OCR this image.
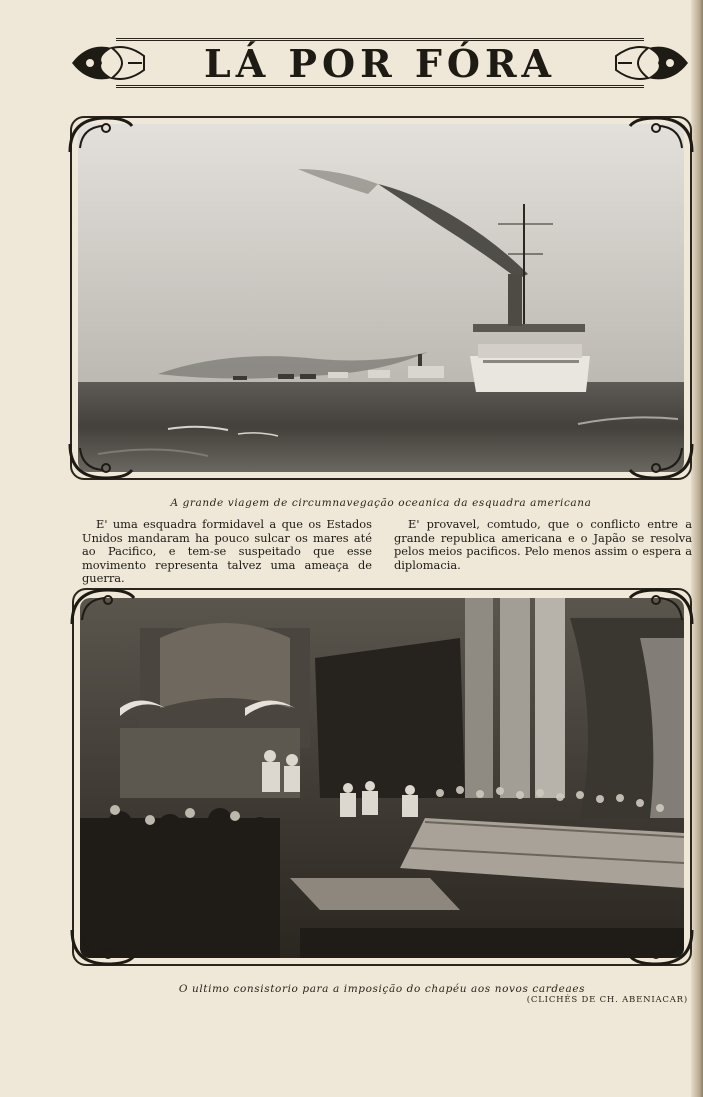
LÁ POR FÓRA
A grande viagem de circumnavegação oceanica da esquadra americana
E' uma esquadra formidavel a que os Estados Unidos mandaram ha pouco sulcar os mares até ao Pacifico, e tem-se suspeitado que esse movimento representa talvez uma ameaça de guerra.
E' provavel, comtudo, que o conflicto entre a grande republica americana e o Japão se resolva pelos meios pacificos. Pelo menos assim o espera a diplomacia.
O ultimo consistorio para a imposição do chapéu aos novos cardeaes
(CLICHÉS DE CH. ABENIACAR)
